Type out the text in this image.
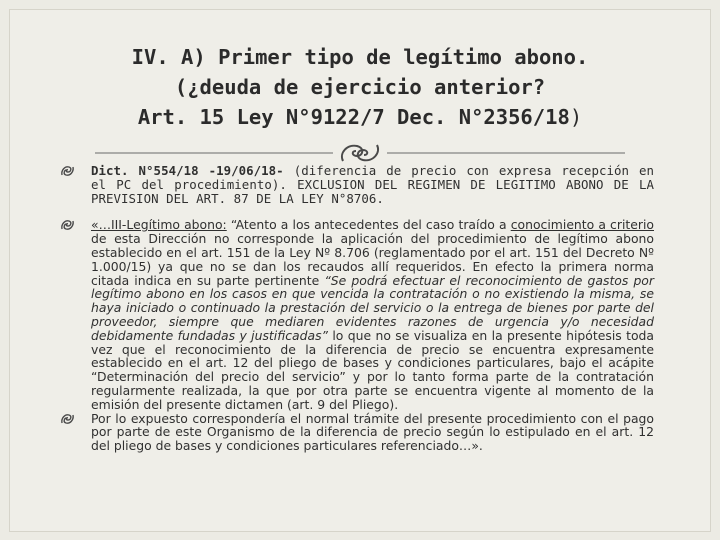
IV. A) Primer tipo de legítimo abono.
(¿deuda de ejercicio anterior?
Art. 15 Ley N°9122/7 Dec. N°2356/18)
Dict. N°554/18 -19/06/18- (diferencia de precio con expresa recepción en el PC del procedimiento). EXCLUSION DEL REGIMEN DE LEGITIMO ABONO DE LA PREVISION DEL ART. 87 DE LA LEY N°8706.
«…III-Legítimo abono: “Atento a los antecedentes del caso traído a conocimiento a criterio de esta Dirección no corresponde la aplicación del procedimiento de legítimo abono establecido en el art. 151 de la Ley Nº 8.706 (reglamentado por el art. 151 del Decreto Nº 1.000/15) ya que no se dan los recaudos allí requeridos. En efecto la primera norma citada indica en su parte pertinente “Se podrá efectuar el reconocimiento de gastos por legítimo abono en los casos en que vencida la contratación o no existiendo la misma, se haya iniciado o continuado la prestación del servicio o la entrega de bienes por parte del proveedor, siempre que mediaren evidentes razones de urgencia y/o necesidad debidamente fundadas y justificadas” lo que no se visualiza en la presente hipótesis toda vez que el reconocimiento de la diferencia de precio se encuentra expresamente establecido en el art. 12 del pliego de bases y condiciones particulares, bajo el acápite “Determinación del precio del servicio” y por lo tanto forma parte de la contratación regularmente realizada, la que por otra parte se encuentra vigente al momento de la emisión del presente dictamen (art. 9 del Pliego).
Por lo expuesto correspondería el normal trámite del presente procedimiento con el pago por parte de este Organismo de la diferencia de precio según lo estipulado en el art. 12 del pliego de bases y condiciones particulares referenciado…».
